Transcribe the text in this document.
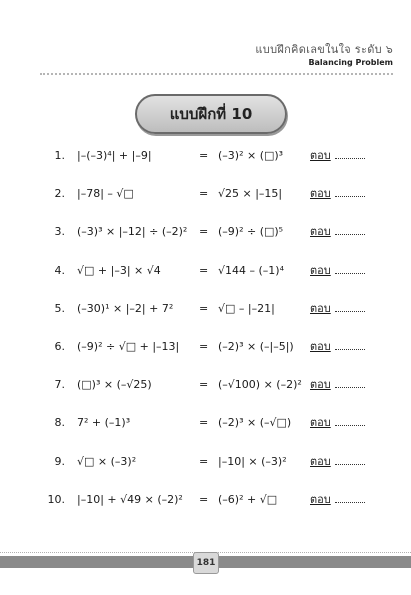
แบบฝึกคิดเลขในใจ ระดับ ๖
Balancing Problem
แบบฝึกที่ 10
1. |–(–3)⁴| + |–9|	= (–3)² × (□)³ ตอบ
2. |–78| – √□	= √25 × |–15|	ตอบ
3. (–3)³ × |–12| ÷ (–2)² = (–9)² ÷ (□)⁵ ตอบ
4. √□ + |–3| × √4	= √144 – (–1)⁴ ตอบ
5. (–30)¹ × |–2| + 7² = √□ – |–21|	ตอบ
6. (–9)² ÷ √□ + |–13| = (–2)³ × (–|–5|) ตอบ
7. (□)³ × (–√25)	= (–√100) × (–2)² ตอบ
8. 7² + (–1)³	= (–2)³ × (–√□) ตอบ
9. √□ × (–3)²	= |–10| × (–3)² ตอบ
10. |–10| + √49 × (–2)² = (–6)² + √□	ตอบ
181
